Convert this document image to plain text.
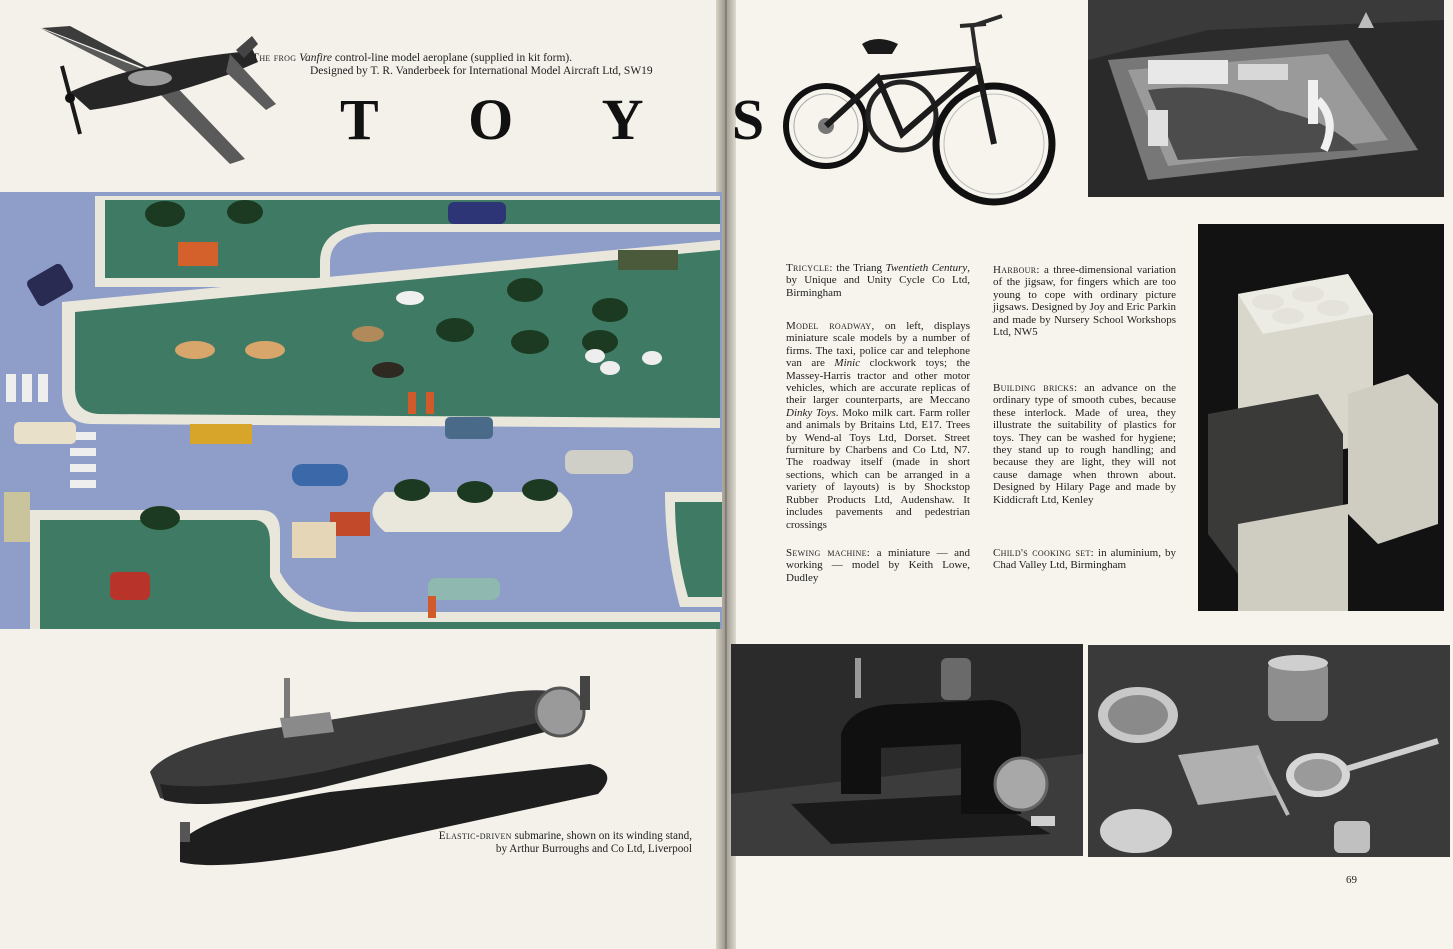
The frog Vanfire control-line model aeroplane (supplied in kit form).
Designed by T. R. Vanderbeek for International Model Aircraft Ltd, SW19
T O Y S
Elastic-driven submarine, shown on its winding stand, by Arthur Burroughs and Co Ltd, Liverpool
Tricycle: the Triang Twentieth Century, by Unique and Unity Cycle Co Ltd, Birmingham
Model roadway, on left, displays miniature scale models by a number of firms. The taxi, police car and telephone van are Minic clockwork toys; the Massey-Harris tractor and other motor vehicles, which are accurate replicas of their larger counterparts, are Meccano Dinky Toys. Moko milk cart. Farm roller and animals by Britains Ltd, E17. Trees by Wend-al Toys Ltd, Dorset. Street furniture by Charbens and Co Ltd, N7. The roadway itself (made in short sections, which can be arranged in a variety of layouts) is by Shockstop Rubber Products Ltd, Audenshaw. It includes pavements and pedestrian crossings
Sewing machine: a miniature — and working — model by Keith Lowe, Dudley
Harbour: a three-dimensional variation of the jigsaw, for fingers which are too young to cope with ordinary picture jigsaws. Designed by Joy and Eric Parkin and made by Nursery School Workshops Ltd, NW5
Building bricks: an advance on the ordinary type of smooth cubes, because these interlock. Made of urea, they illustrate the suitability of plastics for toys. They can be washed for hygiene; they stand up to rough handling; and because they are light, they will not cause damage when thrown about. Designed by Hilary Page and made by Kiddicraft Ltd, Kenley
Child's cooking set: in aluminium, by Chad Valley Ltd, Birmingham
69
